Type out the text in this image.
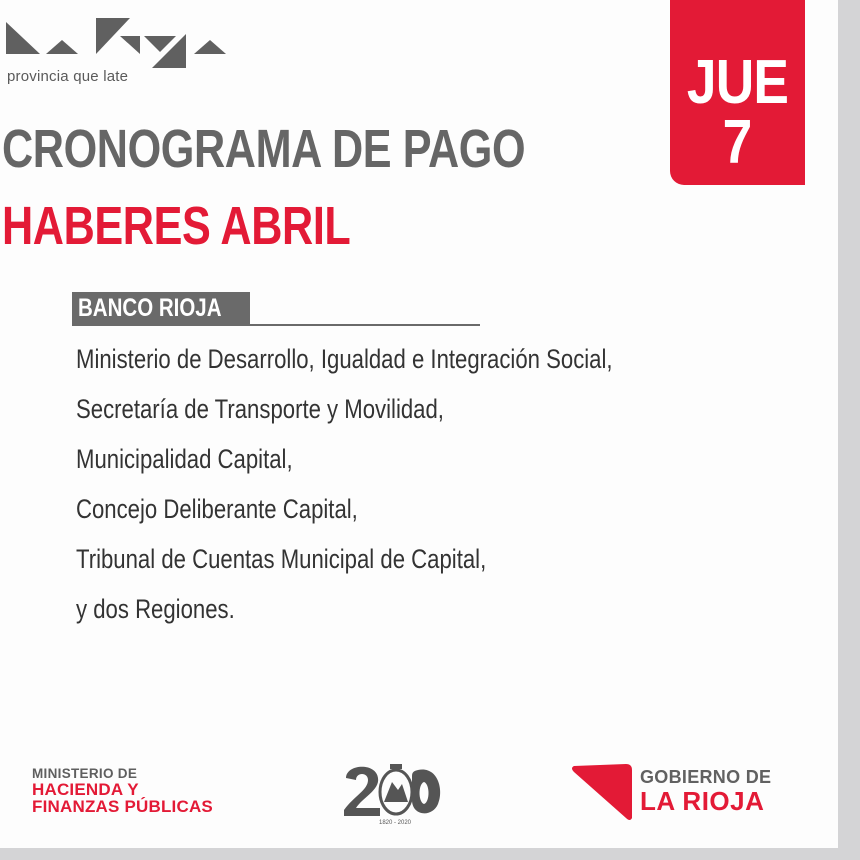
provincia que late	JUE
7
CRONOGRAMA DE PAGO
HABERES ABRIL
BANCO RIOJA
Ministerio de Desarrollo, Igualdad e Integración Social,
Secretaría de Transporte y Movilidad,
Municipalidad Capital,
Concejo Deliberante Capital,
Tribunal de Cuentas Municipal de Capital,
y dos Regiones.
MINISTERIO DE
HACIENDA Y
FINANZAS PÚBLICAS
1820 - 2020
GOBIERNO DE
LA RIOJA
